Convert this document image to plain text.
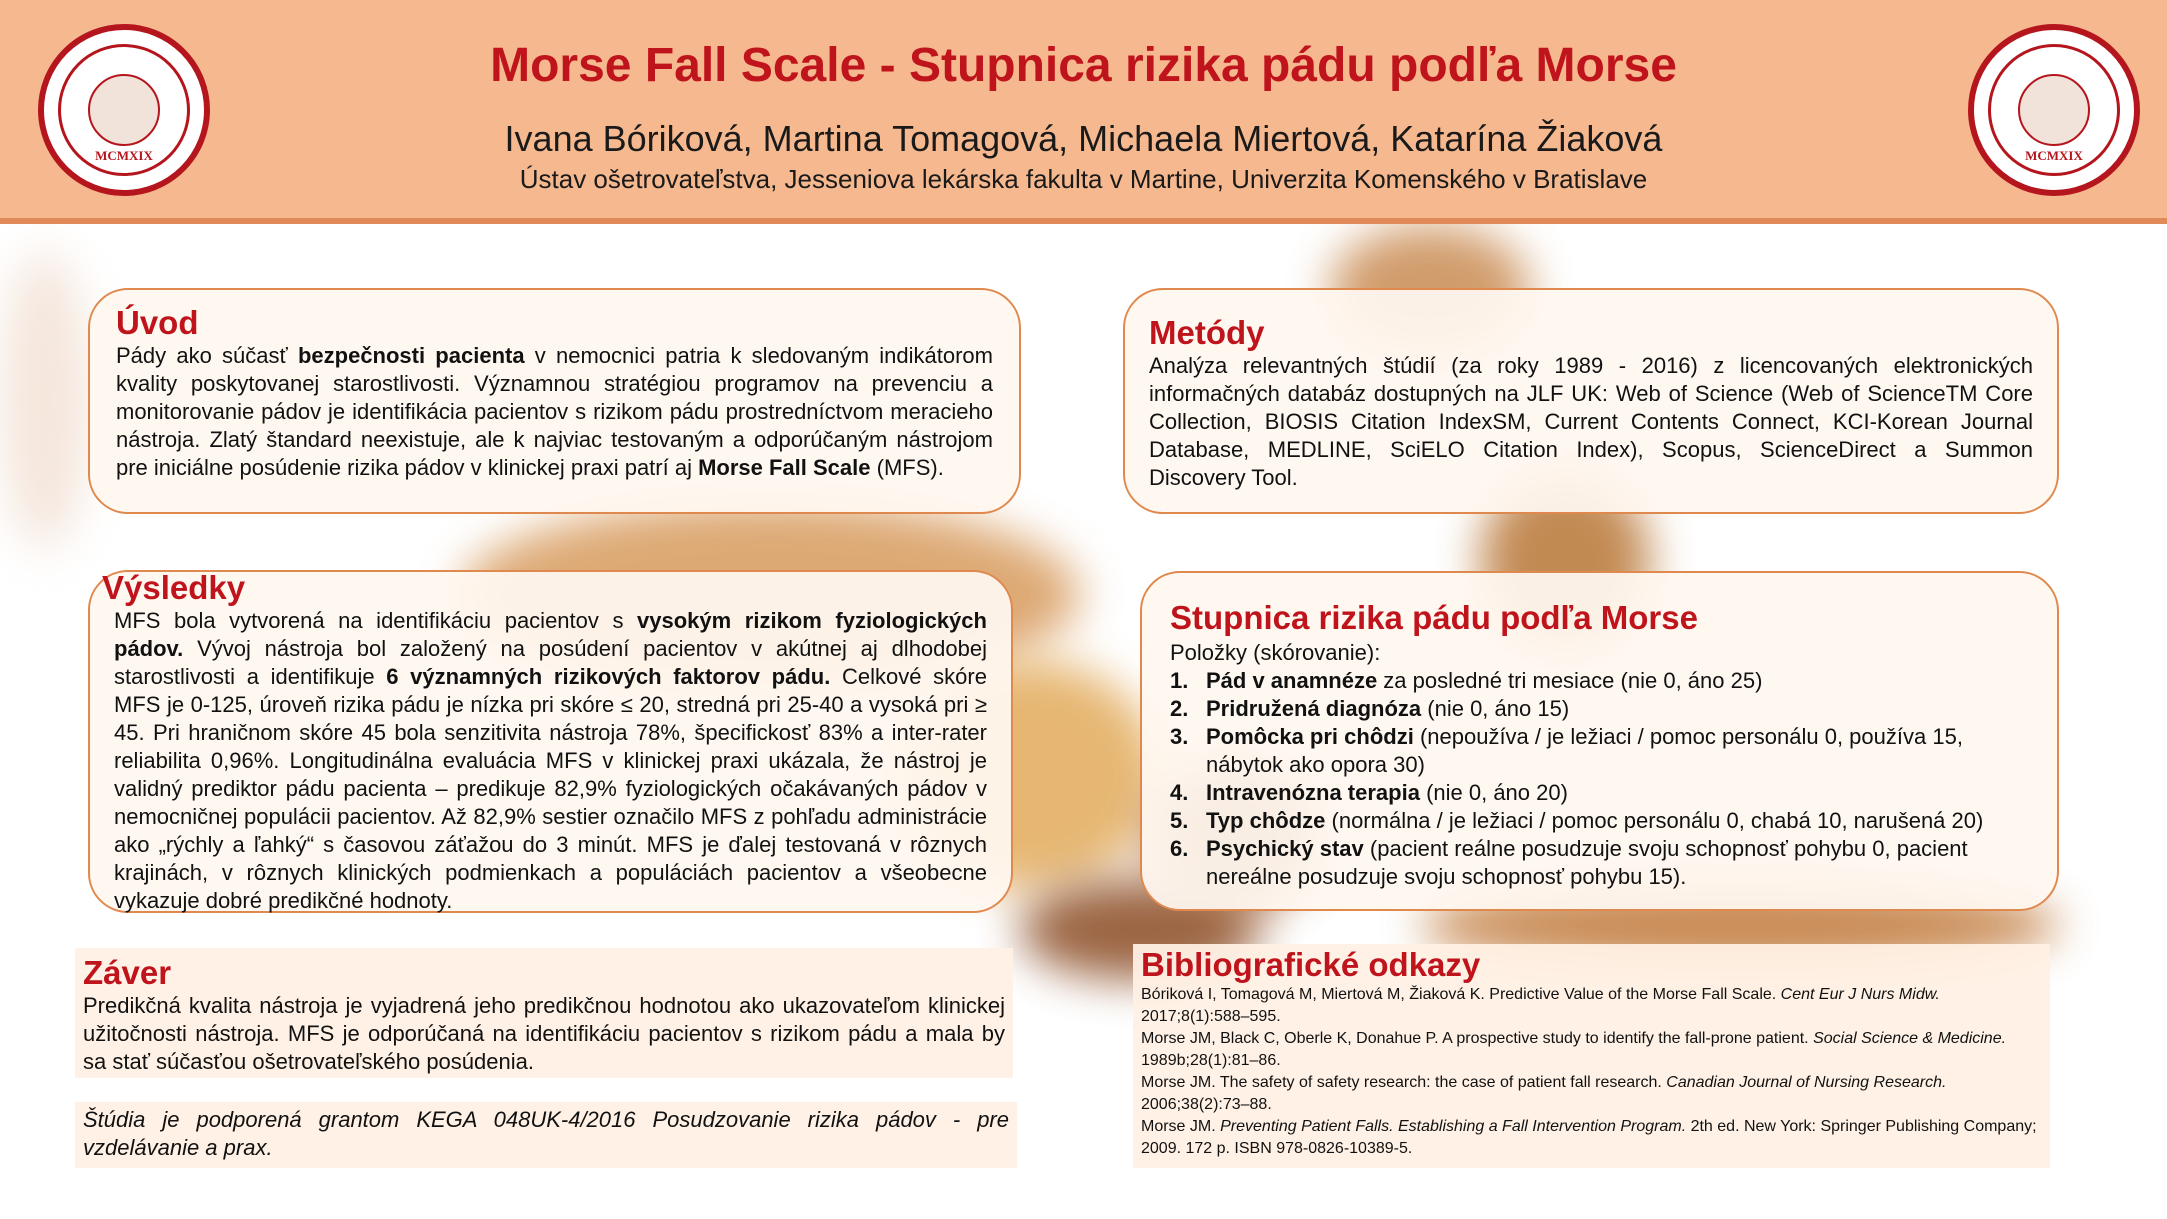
MCMXIX	MCMXIX
Morse Fall Scale - Stupnica rizika pádu podľa Morse
Ivana Bóriková, Martina Tomagová, Michaela Miertová, Katarína Žiaková
Ústav ošetrovateľstva, Jesseniova lekárska fakulta v Martine, Univerzita Komenského v Bratislave
Úvod

Pády ako súčasť bezpečnosti pacienta v nemocnici patria k sledovaným indikátorom kvality poskytovanej starostlivosti. Významnou stratégiou programov na prevenciu a monitorovanie pádov je identifikácia pacientov s rizikom pádu prostredníctvom meracieho nástroja. Zlatý štandard neexistuje, ale k najviac testovaným a odporúčaným nástrojom pre iniciálne posúdenie rizika pádov v klinickej praxi patrí aj Morse Fall Scale (MFS).

Metódy

Analýza relevantných štúdií (za roky 1989 - 2016) z licencovaných elektronických informačných databáz dostupných na JLF UK: Web of Science (Web of ScienceTM Core Collection, BIOSIS Citation IndexSM, Current Contents Connect, KCI-Korean Journal Database, MEDLINE, SciELO Citation Index), Scopus, ScienceDirect a Summon Discovery Tool.

Výsledky

MFS bola vytvorená na identifikáciu pacientov s vysokým rizikom fyziologických pádov. Vývoj nástroja bol založený na posúdení pacientov v akútnej aj dlhodobej starostlivosti a identifikuje 6 významných rizikových faktorov pádu. Celkové skóre MFS je 0-125, úroveň rizika pádu je nízka pri skóre ≤ 20, stredná pri 25-40 a vysoká pri ≥ 45. Pri hraničnom skóre 45 bola senzitivita nástroja 78%, špecifickosť 83% a inter-rater reliabilita 0,96%. Longitudinálna evaluácia MFS v klinickej praxi ukázala, že nástroj je validný prediktor pádu pacienta – predikuje 82,9% fyziologických očakávaných pádov v nemocničnej populácii pacientov. Až 82,9% sestier označilo MFS z pohľadu administrácie ako „rýchly a ľahký“ s časovou záťažou do 3 minút. MFS je ďalej testovaná v rôznych krajinách, v rôznych klinických podmienkach a populáciách pacientov a všeobecne vykazuje dobré predikčné hodnoty.

Stupnica rizika pádu podľa Morse

Položky (skórovanie):

1. Pád v anamnéze za posledné tri mesiace (nie 0, áno 25)
2. Pridružená diagnóza (nie 0, áno 15)
3. Pomôcka pri chôdzi (nepoužíva / je ležiaci / pomoc personálu 0, používa 15, nábytok ako opora 30)
4. Intravenózna terapia (nie 0, áno 20)
5. Typ chôdze (normálna / je ležiaci / pomoc personálu 0, chabá 10, narušená 20)
6. Psychický stav (pacient reálne posudzuje svoju schopnosť pohybu 0, pacient nereálne posudzuje svoju schopnosť pohybu 15).
Záver

Predikčná kvalita nástroja je vyjadrená jeho predikčnou hodnotou ako ukazovateľom klinickej užitočnosti nástroja. MFS je odporúčaná na identifikáciu pacientov s rizikom pádu a mala by sa stať súčasťou ošetrovateľského posúdenia.

Štúdia je podporená grantom KEGA 048UK-4/2016 Posudzovanie rizika pádov - pre vzdelávanie a prax.

Bibliografické odkazy

Bóriková I, Tomagová M, Miertová M, Žiaková K. Predictive Value of the Morse Fall Scale. Cent Eur J Nurs Midw. 2017;8(1):588–595.

Morse JM, Black C, Oberle K, Donahue P. A prospective study to identify the fall-prone patient. Social Science & Medicine. 1989b;28(1):81–86.

Morse JM. The safety of safety research: the case of patient fall research. Canadian Journal of Nursing Research. 2006;38(2):73–88.

Morse JM. Preventing Patient Falls. Establishing a Fall Intervention Program. 2th ed. New York: Springer Publishing Company; 2009. 172 p. ISBN 978-0826-10389-5.
